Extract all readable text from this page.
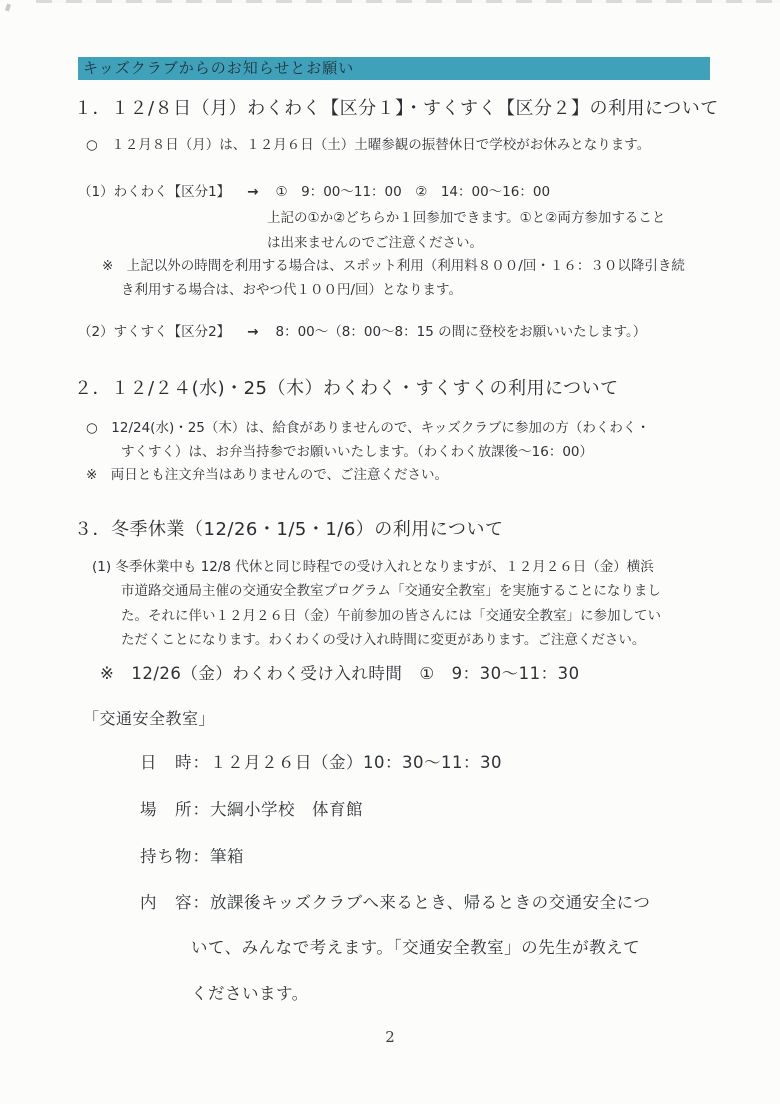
キッズクラブからのお知らせとお願い
１．１２/８日（月）わくわく【区分１】・すくすく【区分２】の利用について
○　１２月８日（月）は、１２月６日（土）土曜参観の振替休日で学校がお休みとなります。
（1）わくわく【区分1】 → ①　9：00～11：00　②　14：00～16：00
上記の①か②どちらか１回参加できます。①と②両方参加すること
は出来ませんのでご注意ください。
※　上記以外の時間を利用する場合は、スポット利用（利用料８００/回・１６：３０以降引き続
き利用する場合は、おやつ代１００円/回）となります。
（2）すくすく【区分2】 → 8：00～（8：00～8：15 の間に登校をお願いいたします。）
２．１２/２４(水)・25（木）わくわく・すくすくの利用について
○　12/24(水)・25（木）は、給食がありませんので、キッズクラブに参加の方（わくわく・
すくすく）は、お弁当持参でお願いいたします。（わくわく放課後～16：00）
※　両日とも注文弁当はありませんので、ご注意ください。
３．冬季休業（12/26・1/5・1/6）の利用について
(1) 冬季休業中も 12/8 代休と同じ時程での受け入れとなりますが、１２月２６日（金）横浜
市道路交通局主催の交通安全教室プログラム「交通安全教室」を実施することになりまし
た。それに伴い１２月２６日（金）午前参加の皆さんには「交通安全教室」に参加してい
ただくことになります。わくわくの受け入れ時間に変更があります。ご注意ください。
※　12/26（金）わくわく受け入れ時間　①　9：30～11：30
「交通安全教室」
日　時：１２月２６日（金）10：30～11：30
場　所：大綱小学校　体育館
持ち物：筆箱
内　容：放課後キッズクラブへ来るとき、帰るときの交通安全につ
いて、みんなで考えます。「交通安全教室」の先生が教えて
くださいます。
2
